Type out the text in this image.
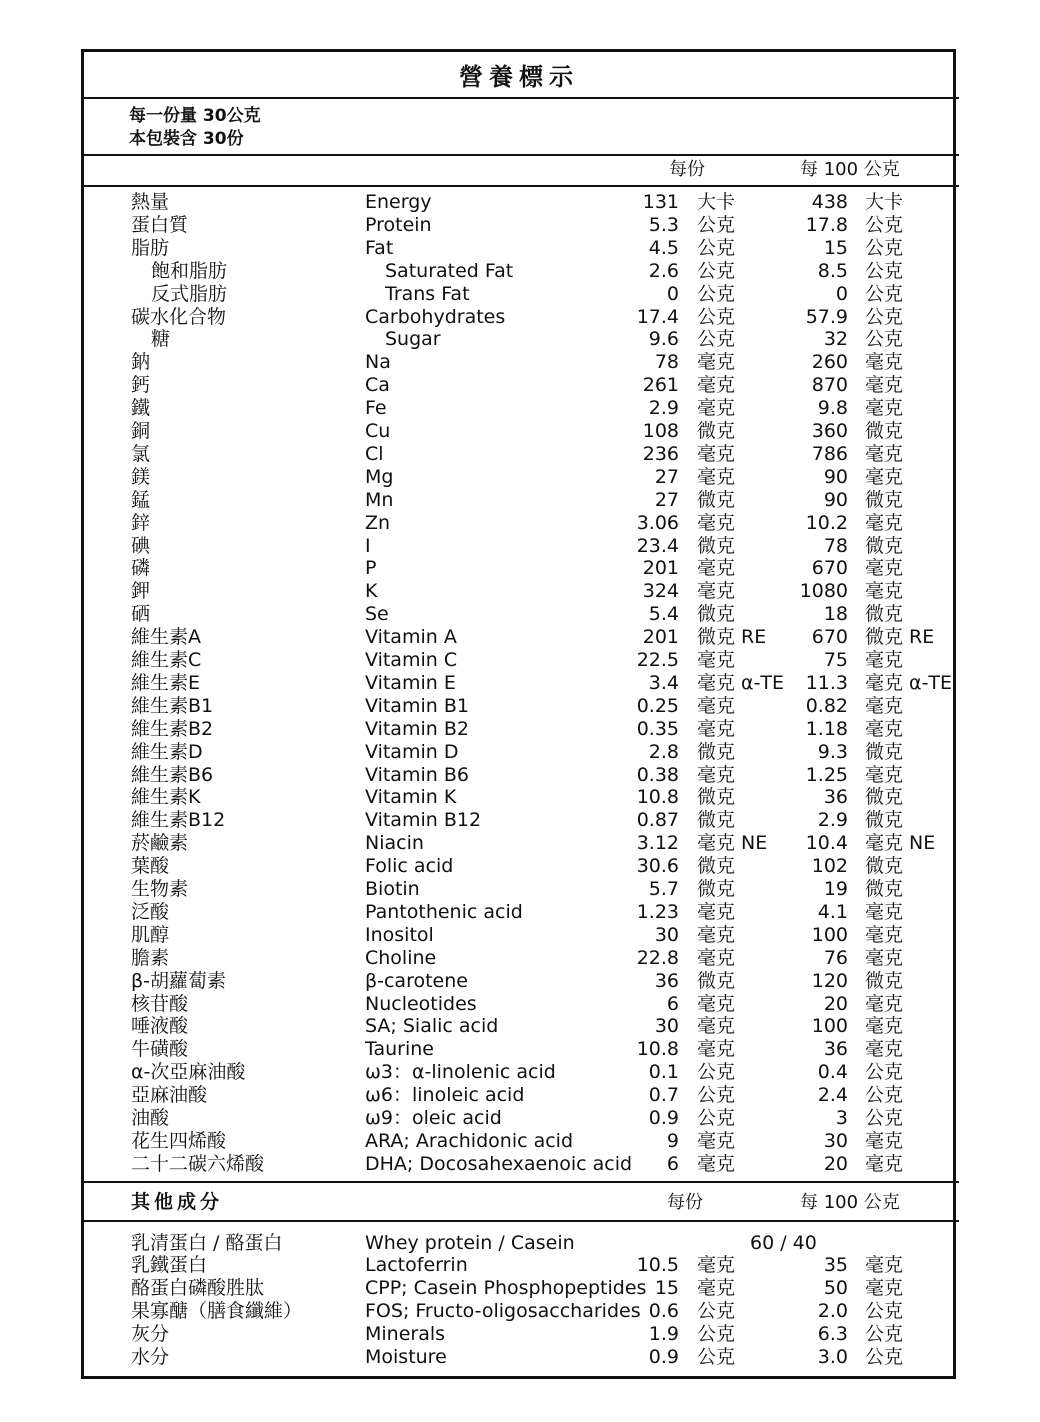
營養標示
每一份量 30公克
本包裝含 30份
每份	每 100 公克
熱量	Energy	131 大卡	438 大卡
蛋白質	Protein	5.3 公克	17.8 公克
脂肪	Fat	4.5 公克	15 公克
飽和脂肪	Saturated Fat	2.6 公克	8.5 公克
反式脂肪	Trans Fat	0 公克	0 公克
碳水化合物	Carbohydrates	17.4 公克	57.9 公克
糖	Sugar	9.6 公克	32 公克
鈉	Na	78 毫克	260 毫克
鈣	Ca	261 毫克	870 毫克
鐵	Fe	2.9 毫克	9.8 毫克
銅	Cu	108 微克	360 微克
氯	Cl	236 毫克	786 毫克
鎂	Mg	27 毫克	90 毫克
錳	Mn	27 微克	90 微克
鋅	Zn	3.06 毫克	10.2 毫克
碘	I	23.4 微克	78 微克
磷	P	201 毫克	670 毫克
鉀	K	324 毫克	1080 毫克
硒	Se	5.4 微克	18 微克
維生素A	Vitamin A	201 微克 RE 670 微克 RE
維生素C	Vitamin C	22.5 毫克	75 毫克
維生素E	Vitamin E	3.4 毫克 α-TE 11.3 毫克 α-TE
維生素B1	Vitamin B1	0.25 毫克	0.82 毫克
維生素B2	Vitamin B2	0.35 毫克	1.18 毫克
維生素D	Vitamin D	2.8 微克	9.3 微克
維生素B6	Vitamin B6	0.38 毫克	1.25 毫克
維生素K	Vitamin K	10.8 微克	36 微克
維生素B12	Vitamin B12	0.87 微克	2.9 微克
菸鹼素	Niacin	3.12 毫克 NE 10.4 毫克 NE
葉酸	Folic acid	30.6 微克	102 微克
生物素	Biotin	5.7 微克	19 微克
泛酸	Pantothenic acid	1.23 毫克	4.1 毫克
肌醇	Inositol	30 毫克	100 毫克
膽素	Choline	22.8 毫克	76 毫克
β-胡蘿蔔素	β-carotene	36 微克	120 微克
核苷酸	Nucleotides	6 毫克	20 毫克
唾液酸	SA; Sialic acid	30 毫克	100 毫克
牛磺酸	Taurine	10.8 毫克	36 毫克
α-次亞麻油酸	ω3：α-linolenic acid	0.1 公克	0.4 公克
亞麻油酸	ω6：linoleic acid	0.7 公克	2.4 公克
油酸	ω9：oleic acid	0.9 公克	3 公克
花生四烯酸	ARA; Arachidonic acid	9 毫克	30 毫克
二十二碳六烯酸	DHA; Docosahexaenoic acid 6 毫克	20 毫克
其他成分	每份	每 100 公克
乳清蛋白 / 酪蛋白	Whey protein / Casein	60 / 40
乳鐵蛋白	Lactoferrin	10.5 毫克	35 毫克
酪蛋白磷酸胜肽	CPP; Casein Phosphopeptides 15 毫克	50 毫克
果寡醣（膳食纖維）	FOS; Fructo-oligosaccharides 0.6 公克	2.0 公克
灰分	Minerals	1.9 公克	6.3 公克
水分	Moisture	0.9 公克	3.0 公克
